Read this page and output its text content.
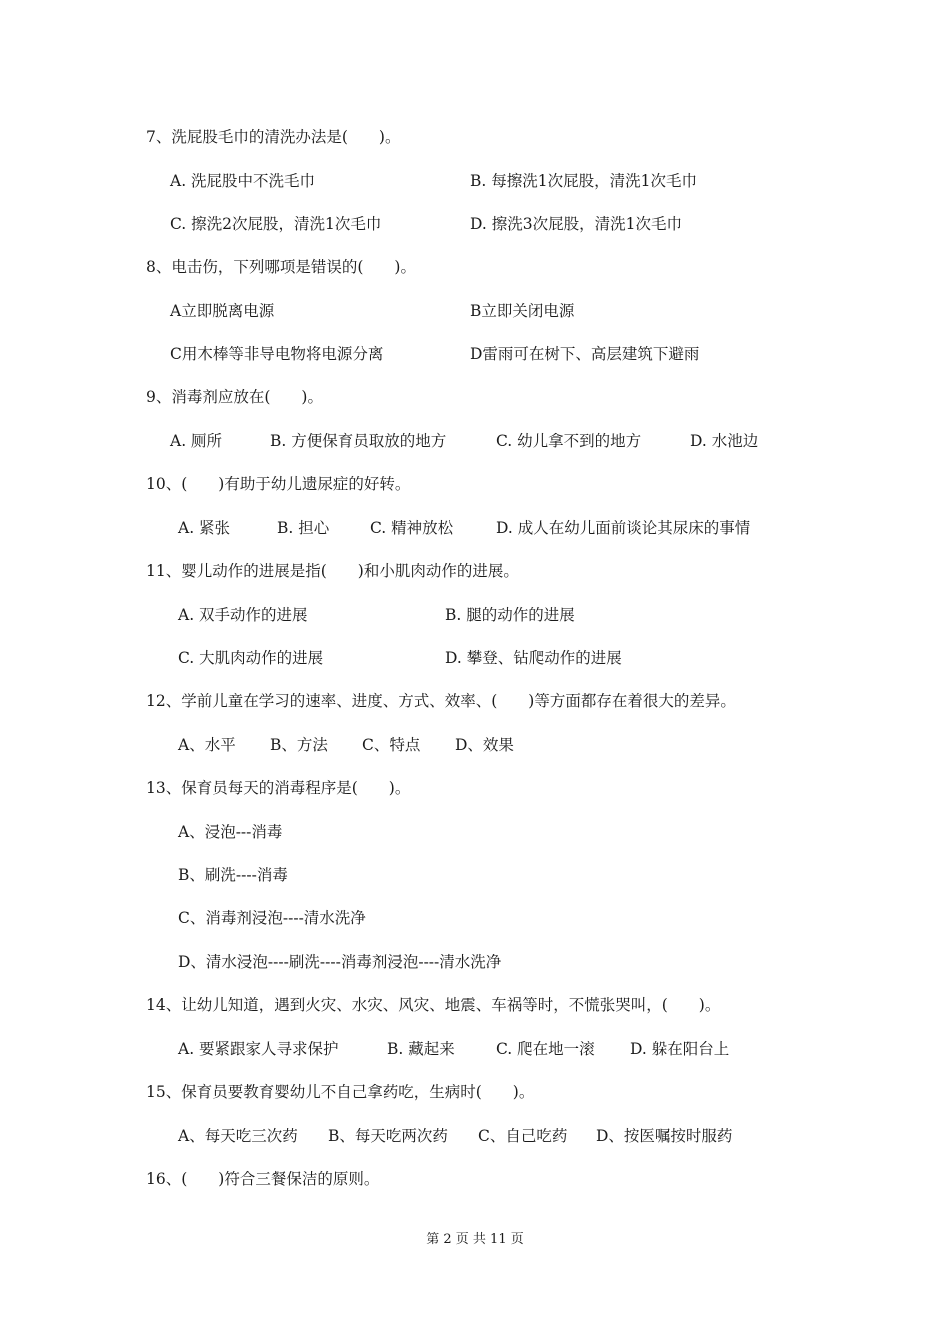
7、洗屁股毛巾的清洗办法是(　　)。
A. 洗屁股中不洗毛巾	B. 每擦洗1次屁股，清洗1次毛巾
C. 擦洗2次屁股，清洗1次毛巾	D. 擦洗3次屁股，清洗1次毛巾
8、电击伤，下列哪项是错误的(　　)。
A立即脱离电源	B立即关闭电源
C用木棒等非导电物将电源分离	D雷雨可在树下、高层建筑下避雨
9、消毒剂应放在(　　)。
A. 厕所	B. 方便保育员取放的地方	C. 幼儿拿不到的地方	D. 水池边
10、(　　)有助于幼儿遗尿症的好转。
A. 紧张	B. 担心	C. 精神放松	D. 成人在幼儿面前谈论其尿床的事情
11、婴儿动作的进展是指(　　)和小肌肉动作的进展。
A. 双手动作的进展	B. 腿的动作的进展
C. 大肌肉动作的进展	D. 攀登、钻爬动作的进展
12、学前儿童在学习的速率、进度、方式、效率、(　　)等方面都存在着很大的差异。
A、水平 B、方法 C、特点 D、效果
13、保育员每天的消毒程序是(　　)。
A、浸泡---消毒
B、刷洗----消毒
C、消毒剂浸泡----清水洗净
D、清水浸泡----刷洗----消毒剂浸泡----清水洗净
14、让幼儿知道，遇到火灾、水灾、风灾、地震、车祸等时，不慌张哭叫，(　　)。
A. 要紧跟家人寻求保护	B. 藏起来	C. 爬在地一滚 D. 躲在阳台上
15、保育员要教育婴幼儿不自己拿药吃，生病时(　　)。
A、每天吃三次药 B、每天吃两次药 C、自己吃药 D、按医嘱按时服药
16、(　　)符合三餐保洁的原则。
第 2 页 共 11 页
